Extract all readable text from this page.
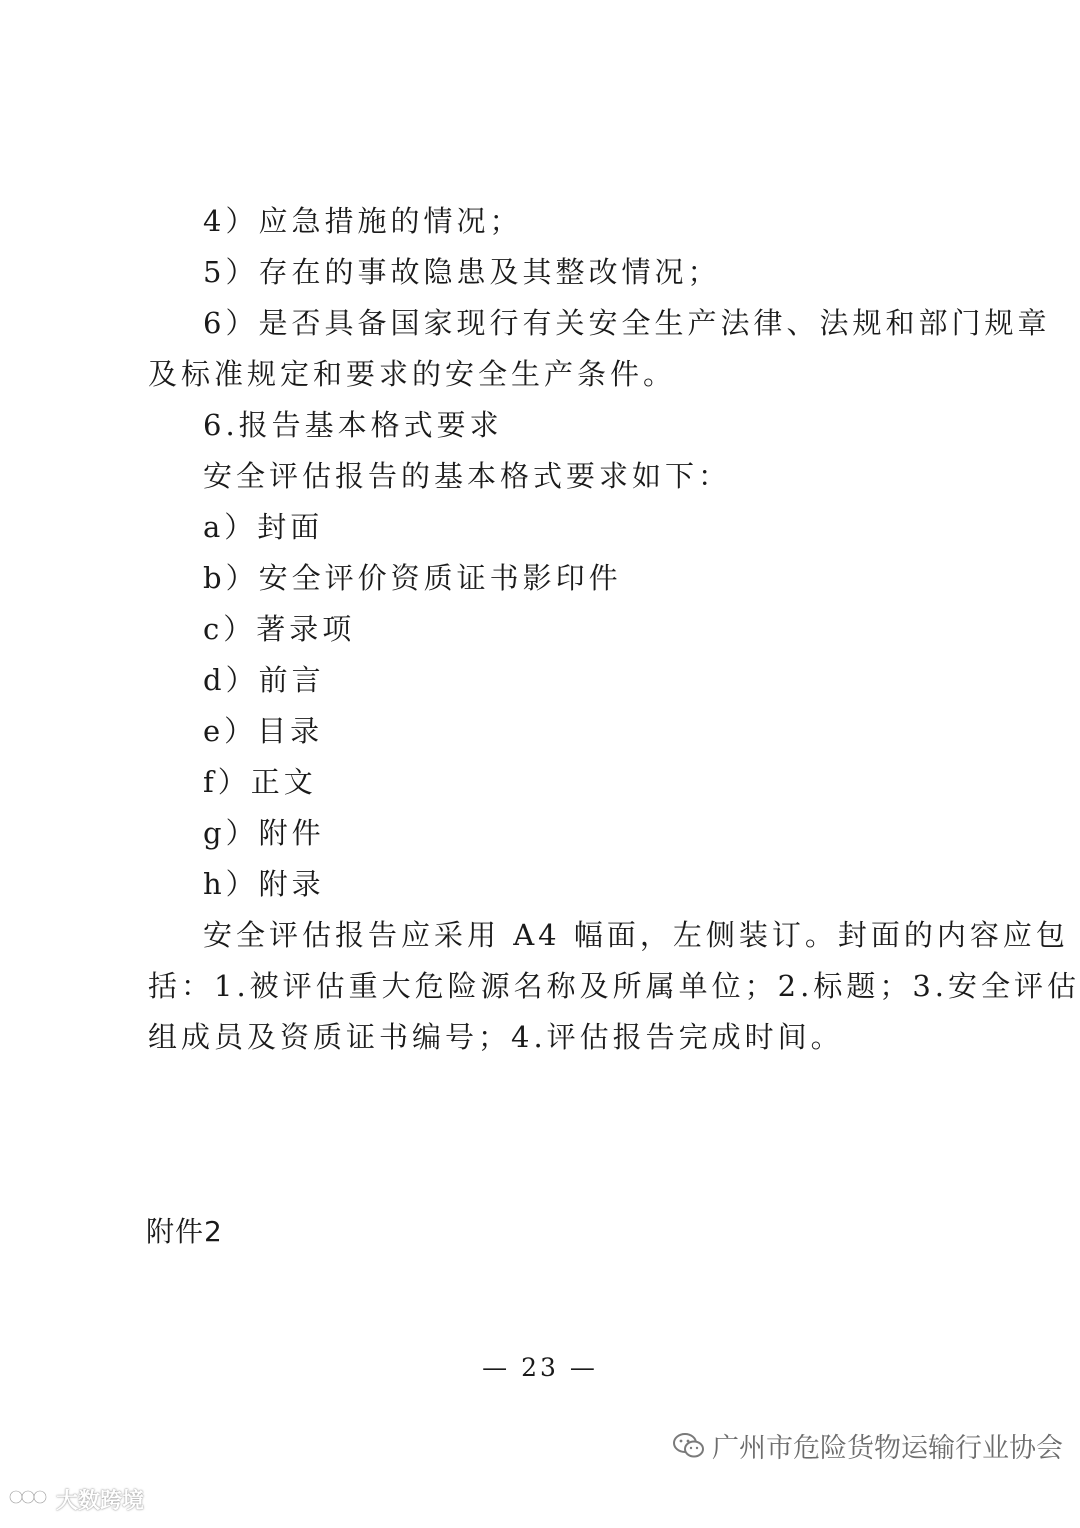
4）应急措施的情况；
5）存在的事故隐患及其整改情况；
6）是否具备国家现行有关安全生产法律、法规和部门规章
及标准规定和要求的安全生产条件。
6.报告基本格式要求
安全评估报告的基本格式要求如下：
a）封面
b）安全评价资质证书影印件
c）著录项
d）前言
e）目录
f）正文
g）附件
h）附录
安全评估报告应采用 A4 幅面，左侧装订。封面的内容应包
括：1.被评估重大危险源名称及所属单位；2.标题；3.安全评估
组成员及资质证书编号；4.评估报告完成时间。
附件2
— 23 —
广州市危险货物运输行业协会
大数跨境
